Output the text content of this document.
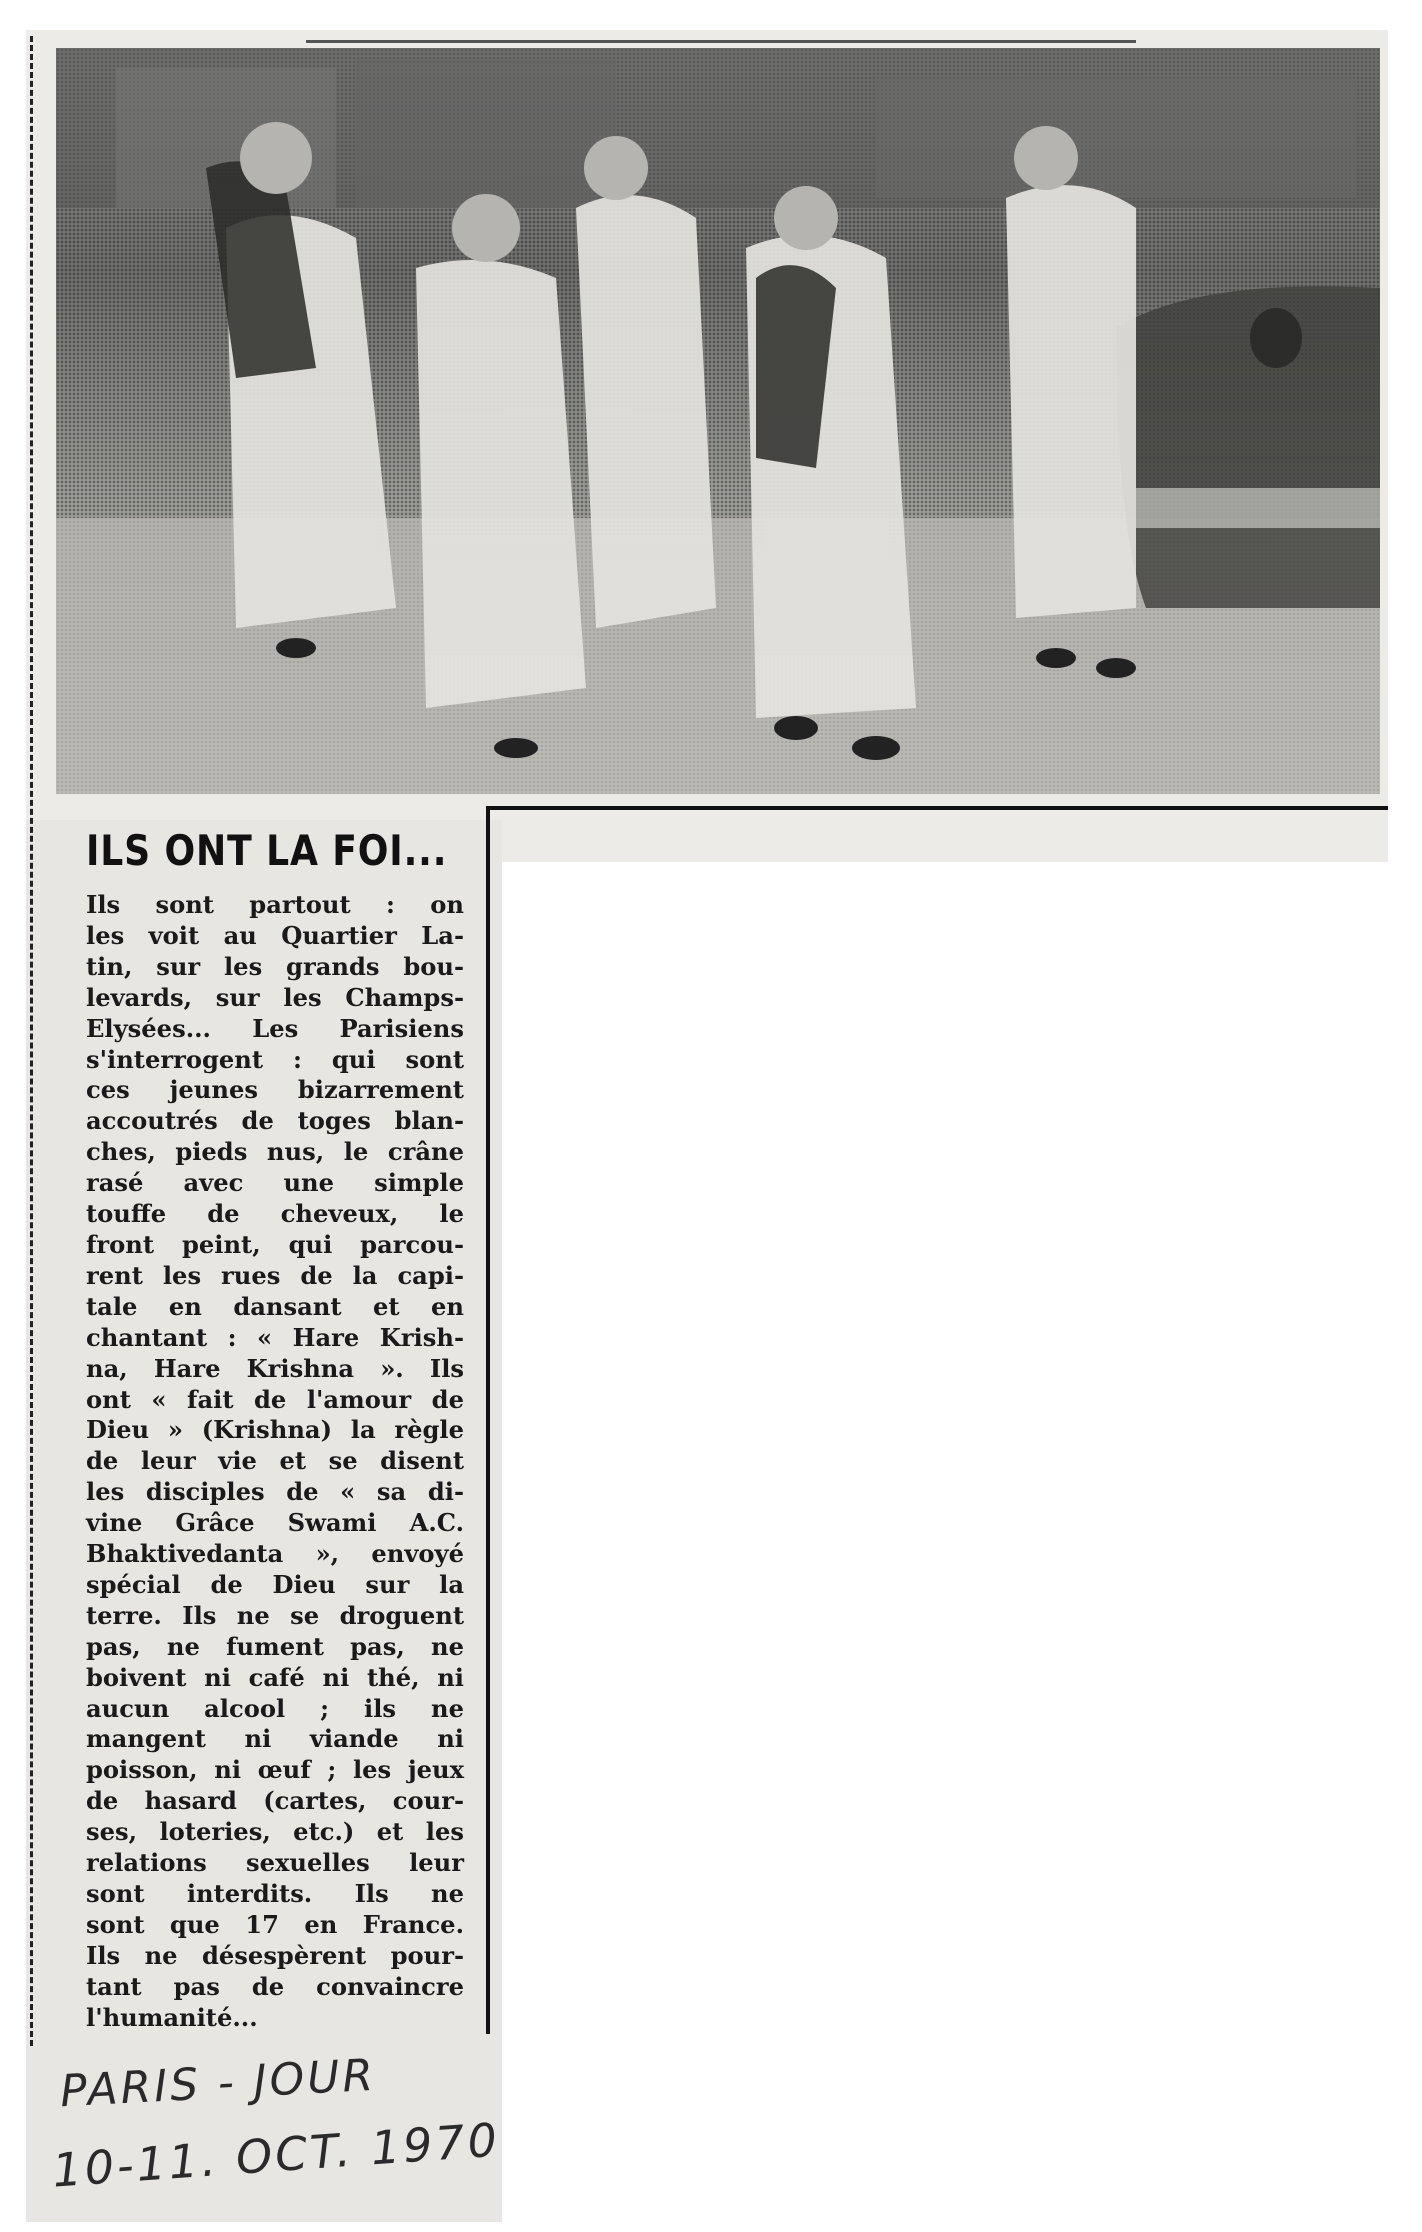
ILS ONT LA FOI...
Ils sont partout : on
les voit au Quartier La-
tin, sur les grands bou-
levards, sur les Champs-
Elysées... Les Parisiens
s'interrogent : qui sont
ces jeunes bizarrement
accoutrés de toges blan-
ches, pieds nus, le crâne
rasé avec une simple
touffe de cheveux, le
front peint, qui parcou-
rent les rues de la capi-
tale en dansant et en
chantant : « Hare Krish-
na, Hare Krishna ». Ils
ont « fait de l'amour de
Dieu » (Krishna) la règle
de leur vie et se disent
les disciples de « sa di-
vine Grâce Swami A.C.
Bhaktivedanta », envoyé
spécial de Dieu sur la
terre. Ils ne se droguent
pas, ne fument pas, ne
boivent ni café ni thé, ni
aucun alcool ; ils ne
mangent ni viande ni
poisson, ni œuf ; les jeux
de hasard (cartes, cour-
ses, loteries, etc.) et les
relations sexuelles leur
sont interdits. Ils ne
sont que 17 en France.
Ils ne désespèrent pour-
tant pas de convaincre
l'humanité...
PARIS - JOUR
10-11. OCT. 1970
